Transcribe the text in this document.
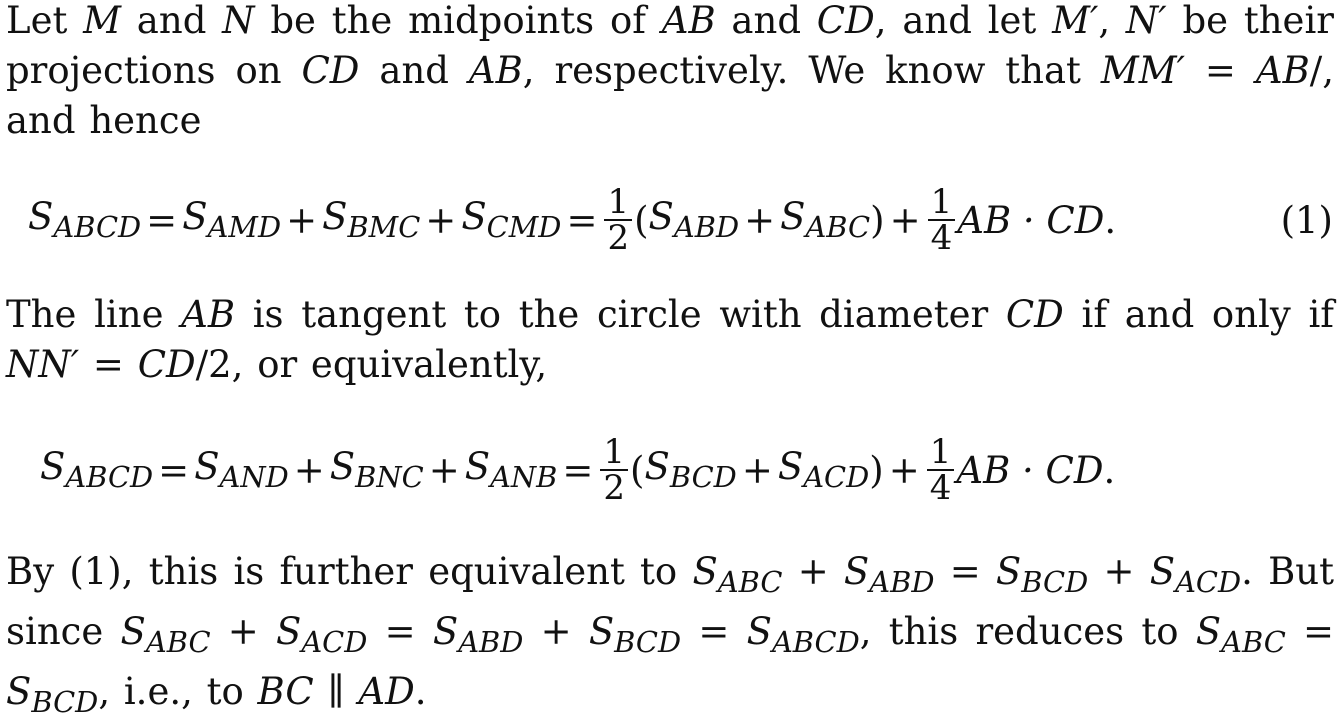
Let M and N be the midpoints of AB and CD, and let M′, N′ be their projections on CD and AB, respectively. We know that MM′ = AB/, and hence

$S_{ABCD} = S_{AMD} + S_{BMC} + S_{CMD} = \frac{1}{2}$ ( $S_{ABD} + S_{ABC}$ ) + $\frac{1}{4}$ AB · CD .	(1)

The line AB is tangent to the circle with diameter CD if and only if NN′ = CD/2, or equivalently,

$S_{ABCD} = S_{AND} + S_{BNC} + S_{ANB} = \frac{1}{2}$ ( $S_{BCD} + S_{ACD}$ ) + $\frac{1}{4}$ AB · CD .

By (1), this is further equivalent to $S_{ABC} + S_{ABD} = S_{BCD} + S_{ACD}$. But since $S_{ABC} + S_{ACD} = S_{ABD} + S_{BCD} = S_{ABCD}$, this reduces to $S_{ABC} = S_{BCD}$, i.e., to BC ∥ AD.
